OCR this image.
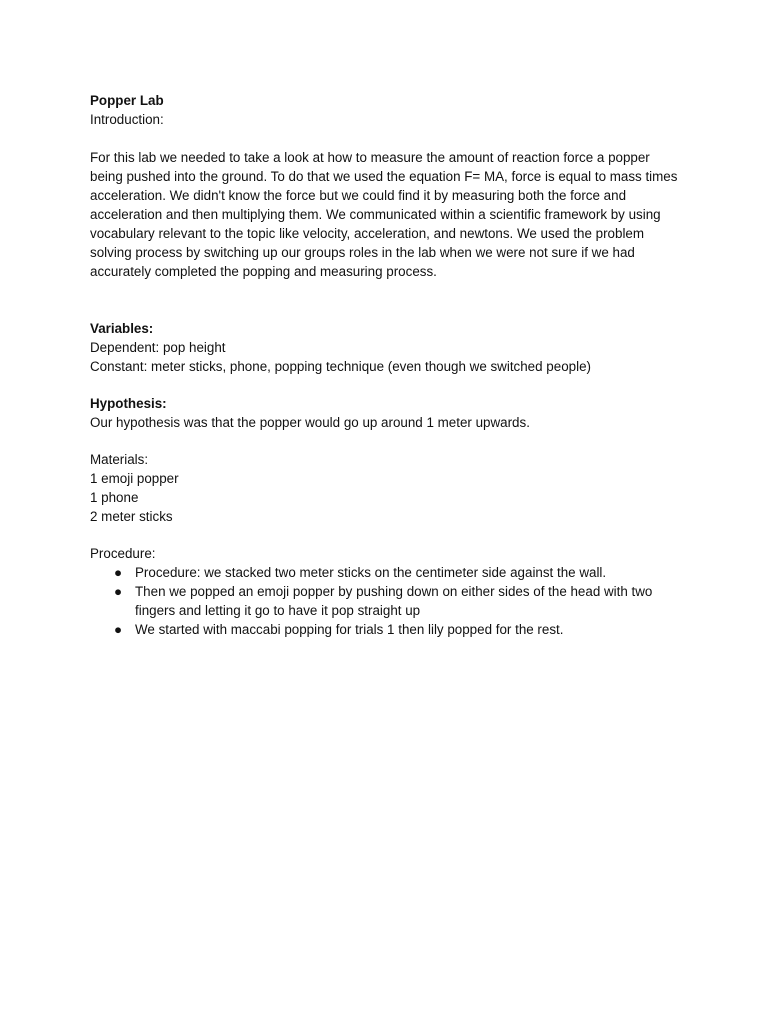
Popper Lab
Introduction:
For this lab we needed to take a look at how to measure the amount of reaction force a popper being pushed into the ground. To do that we used the equation F= MA, force is equal to mass times acceleration. We didn't know the force but we could find it by measuring both the force and acceleration and then multiplying them. We communicated within a scientific framework by using vocabulary relevant to the topic like velocity, acceleration, and newtons. We used the problem solving process by switching up our groups roles in the lab when we were not sure if we had accurately completed the popping and measuring process.
Variables:
Dependent: pop height
Constant: meter sticks, phone, popping technique (even though we switched people)
Hypothesis:
Our hypothesis was that the popper would go up around 1 meter upwards.
Materials:
1 emoji popper
1 phone
2 meter sticks
Procedure:
● Procedure: we stacked two meter sticks on the centimeter side against the wall.
● Then we popped an emoji popper by pushing down on either sides of the head with two fingers and letting it go to have it pop straight up
● We started with maccabi popping for trials 1 then lily popped for the rest.
